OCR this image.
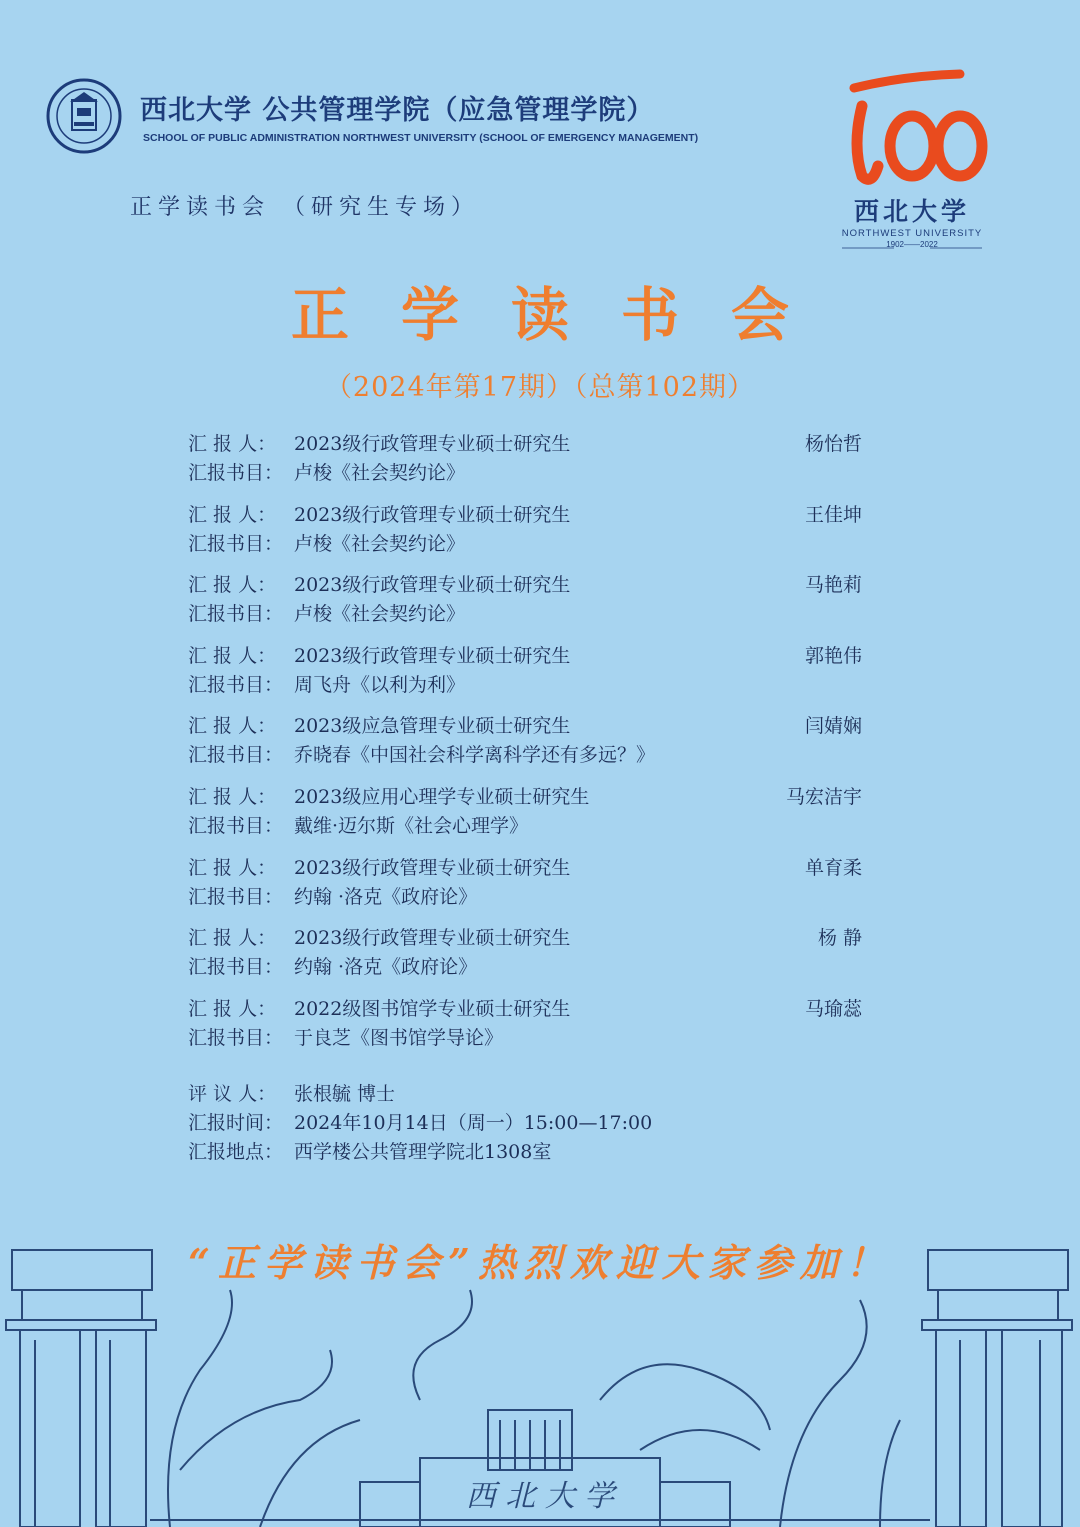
西北大学 公共管理学院（应急管理学院）
SCHOOL OF PUBLIC ADMINISTRATION NORTHWEST UNIVERSITY (SCHOOL OF EMERGENCY MANAGEMENT)
正学读书会 （研究生专场）	西北大学
NORTHWEST UNIVERSITY
1902——2022
正学读书会
（2024年第17期）（总第102期）
汇 报 人： 2023级行政管理专业硕士研究生	杨怡哲
汇报书目： 卢梭《社会契约论》
汇 报 人： 2023级行政管理专业硕士研究生	王佳坤
汇报书目： 卢梭《社会契约论》
汇 报 人： 2023级行政管理专业硕士研究生	马艳莉
汇报书目： 卢梭《社会契约论》
汇 报 人： 2023级行政管理专业硕士研究生	郭艳伟
汇报书目： 周飞舟《以利为利》
汇 报 人： 2023级应急管理专业硕士研究生	闫婧娴
汇报书目： 乔晓春《中国社会科学离科学还有多远？》
汇 报 人： 2023级应用心理学专业硕士研究生	马宏洁宇
汇报书目： 戴维·迈尔斯《社会心理学》
汇 报 人： 2023级行政管理专业硕士研究生	单育柔
汇报书目： 约翰 ·洛克《政府论》
汇 报 人： 2023级行政管理专业硕士研究生	杨 静
汇报书目： 约翰 ·洛克《政府论》
汇 报 人： 2022级图书馆学专业硕士研究生	马瑜蕊
汇报书目： 于良芝《图书馆学导论》
评 议 人： 张根毓 博士
汇报时间： 2024年10月14日（周一）15:00—17:00
汇报地点： 西学楼公共管理学院北1308室
西 北 大 学
“正学读书会”热烈欢迎大家参加！
